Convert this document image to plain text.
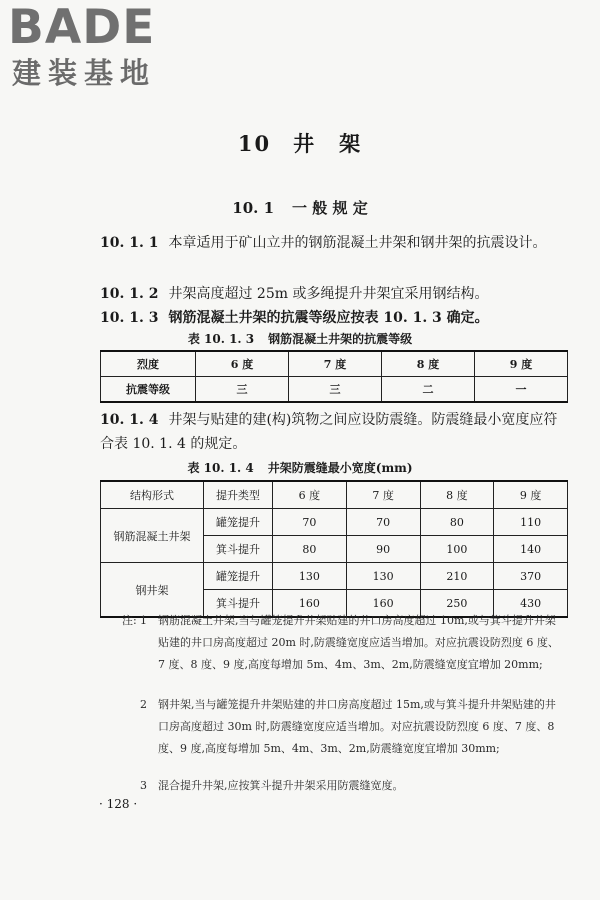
BADE
建装基地
10 井　架
10. 1 一 般 规 定
10. 1. 1 本章适用于矿山立井的钢筋混凝土井架和钢井架的抗震设计。
10. 1. 2 井架高度超过 25m 或多绳提升井架宜采用钢结构。
10. 1. 3 钢筋混凝土井架的抗震等级应按表 10. 1. 3 确定。
表 10. 1. 3 钢筋混凝土井架的抗震等级
烈度	6 度	7 度	8 度	9 度
抗震等级	三	三	二	一
10. 1. 4 井架与贴建的建(构)筑物之间应设防震缝。防震缝最小宽度应符合表 10. 1. 4 的规定。
表 10. 1. 4 井架防震缝最小宽度(mm)
结构形式	提升类型	6 度	7 度	8 度	9 度
钢筋混凝土井架	罐笼提升	70	70	80	110
	箕斗提升	80	90	100	140
钢井架	罐笼提升	130	130	210	370
	箕斗提升	160	160	250	430
注: 1 钢筋混凝土井架,当与罐笼提升井架贴建的井口房高度超过 10m,或与箕斗提升井架贴建的井口房高度超过 20m 时,防震缝宽度应适当增加。对应抗震设防烈度 6 度、7 度、8 度、9 度,高度每增加 5m、4m、3m、2m,防震缝宽度宜增加 20mm;
2 钢井架,当与罐笼提升井架贴建的井口房高度超过 15m,或与箕斗提升井架贴建的井口房高度超过 30m 时,防震缝宽度应适当增加。对应抗震设防烈度 6 度、7 度、8 度、9 度,高度每增加 5m、4m、3m、2m,防震缝宽度宜增加 30mm;
3 混合提升井架,应按箕斗提升井架采用防震缝宽度。
· 128 ·
